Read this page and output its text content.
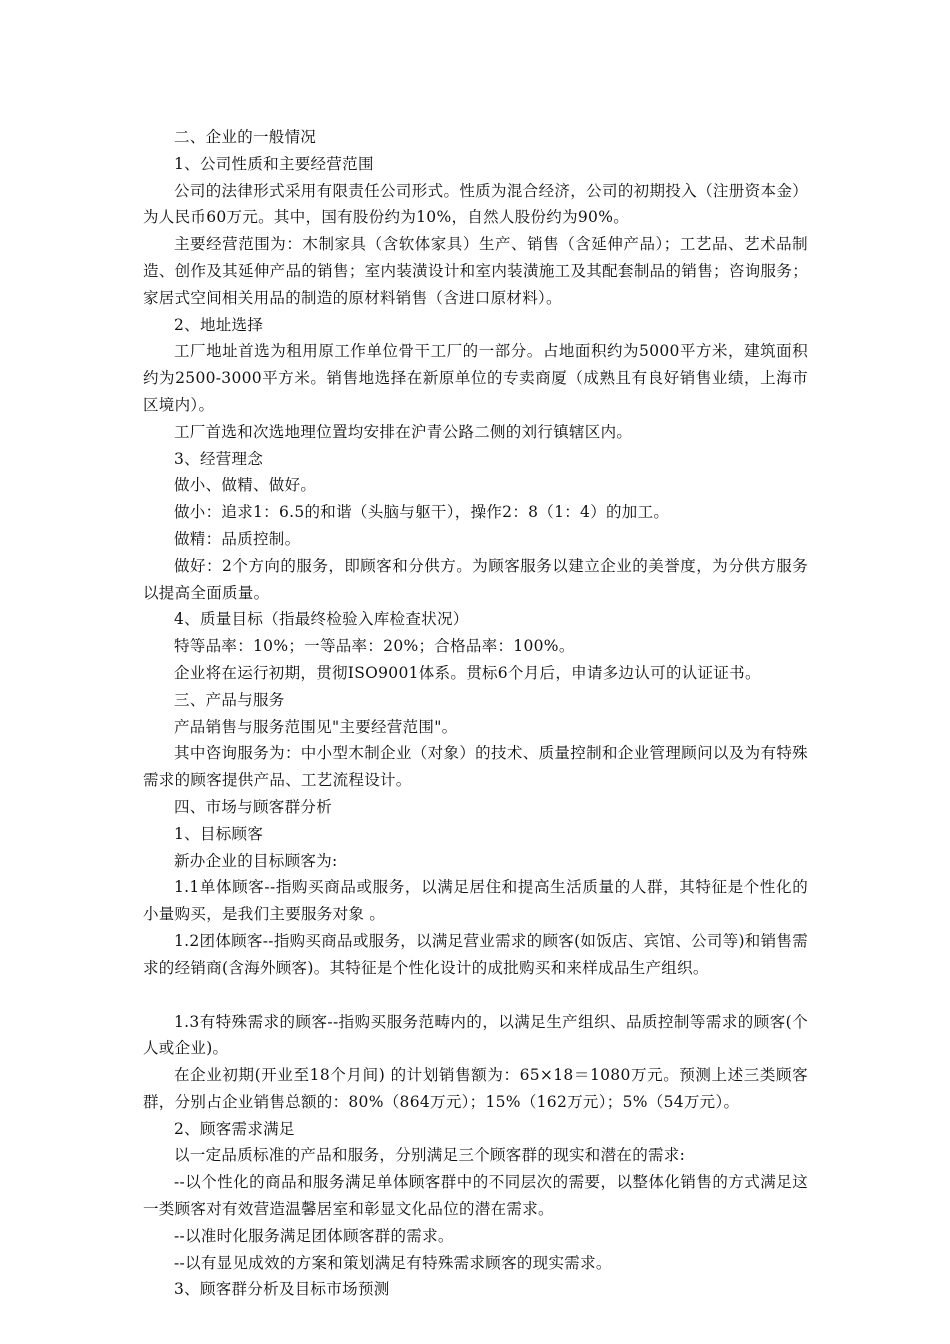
二、企业的一般情况

1、公司性质和主要经营范围

公司的法律形式采用有限责任公司形式。性质为混合经济，公司的初期投入（注册资本金）为人民币60万元。其中，国有股份约为10%，自然人股份约为90%。

主要经营范围为：木制家具（含软体家具）生产、销售（含延伸产品）；工艺品、艺术品制造、创作及其延伸产品的销售；室内装潢设计和室内装潢施工及其配套制品的销售；咨询服务；家居式空间相关用品的制造的原材料销售（含进口原材料）。

2、地址选择

工厂地址首选为租用原工作单位骨干工厂的一部分。占地面积约为5000平方米，建筑面积约为2500-3000平方米。销售地选择在新原单位的专卖商厦（成熟且有良好销售业绩，上海市区境内）。

工厂首选和次选地理位置均安排在沪青公路二侧的刘行镇辖区内。

3、经营理念

做小、做精、做好。

做小：追求1：6.5的和谐（头脑与躯干），操作2：8（1：4）的加工。

做精：品质控制。

做好：2个方向的服务，即顾客和分供方。为顾客服务以建立企业的美誉度，为分供方服务以提高全面质量。

4、质量目标（指最终检验入库检查状况）

特等品率：10%；一等品率：20%；合格品率：100%。

企业将在运行初期，贯彻ISO9001体系。贯标6个月后，申请多边认可的认证证书。

三、产品与服务

产品销售与服务范围见"主要经营范围"。

其中咨询服务为：中小型木制企业（对象）的技术、质量控制和企业管理顾问以及为有特殊需求的顾客提供产品、工艺流程设计。

四、市场与顾客群分析

1、目标顾客

新办企业的目标顾客为:

1.1单体顾客--指购买商品或服务，以满足居住和提高生活质量的人群，其特征是个性化的小量购买，是我们主要服务对象 。

1.2团体顾客--指购买商品或服务，以满足营业需求的顾客(如饭店、宾馆、公司等)和销售需求的经销商(含海外顾客)。其特征是个性化设计的成批购买和来样成品生产组织。

1.3有特殊需求的顾客--指购买服务范畴内的，以满足生产组织、品质控制等需求的顾客(个人或企业)。

在企业初期(开业至18个月间) 的计划销售额为：65×18＝1080万元。预测上述三类顾客群，分别占企业销售总额的：80%（864万元）；15%（162万元）；5%（54万元）。

2、顾客需求满足

以一定品质标准的产品和服务，分别满足三个顾客群的现实和潜在的需求:

--以个性化的商品和服务满足单体顾客群中的不同层次的需要，以整体化销售的方式满足这一类顾客对有效营造温馨居室和彰显文化品位的潜在需求。

--以准时化服务满足团体顾客群的需求。

--以有显见成效的方案和策划满足有特殊需求顾客的现实需求。

3、顾客群分析及目标市场预测
